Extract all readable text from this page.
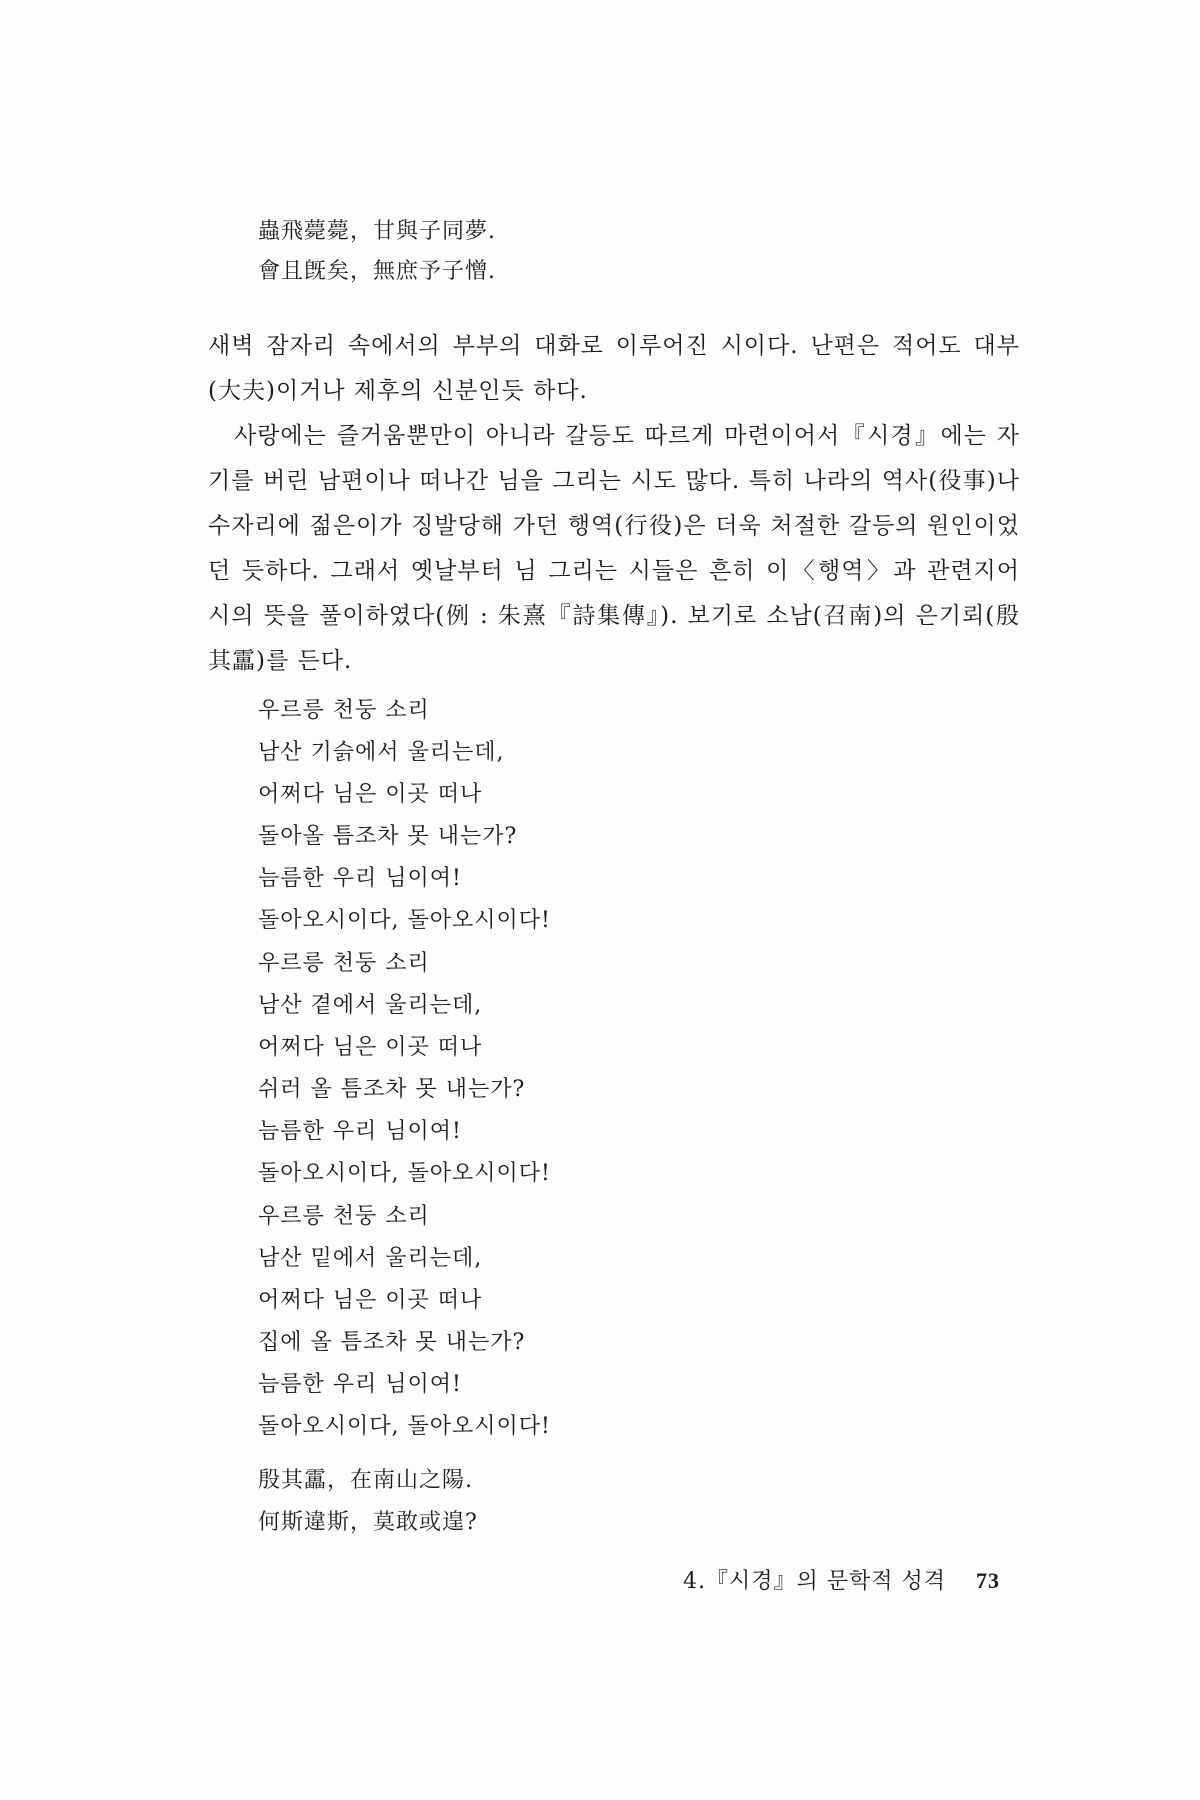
蟲飛薨薨，甘與子同夢.
會且旣矣，無庶予子憎.

새벽 잠자리 속에서의 부부의 대화로 이루어진 시이다. 난편은 적어도 대부(大夫)이거나 제후의 신분인듯 하다.

사랑에는 즐거움뿐만이 아니라 갈등도 따르게 마련이어서『시경』에는 자기를 버린 남편이나 떠나간 님을 그리는 시도 많다. 특히 나라의 역사(役事)나 수자리에 젊은이가 징발당해 가던 행역(行役)은 더욱 처절한 갈등의 원인이었던 듯하다. 그래서 옛날부터 님 그리는 시들은 흔히 이〈행역〉과 관련지어 시의 뜻을 풀이하였다(例 : 朱熹『詩集傳』). 보기로 소남(召南)의 은기뢰(殷其靁)를 든다.

우르릉 천둥 소리
남산 기슭에서 울리는데,
어쩌다 님은 이곳 떠나
돌아올 틈조차 못 내는가?
늠름한 우리 님이여!
돌아오시이다, 돌아오시이다!
우르릉 천둥 소리
남산 곁에서 울리는데,
어쩌다 님은 이곳 떠나
쉬러 올 틈조차 못 내는가?
늠름한 우리 님이여!
돌아오시이다, 돌아오시이다!
우르릉 천둥 소리
남산 밑에서 울리는데,
어쩌다 님은 이곳 떠나
집에 올 틈조차 못 내는가?
늠름한 우리 님이여!
돌아오시이다, 돌아오시이다!
殷其靁，在南山之陽.
何斯違斯，莫敢或遑?
4.『시경』의 문학적 성격 73
